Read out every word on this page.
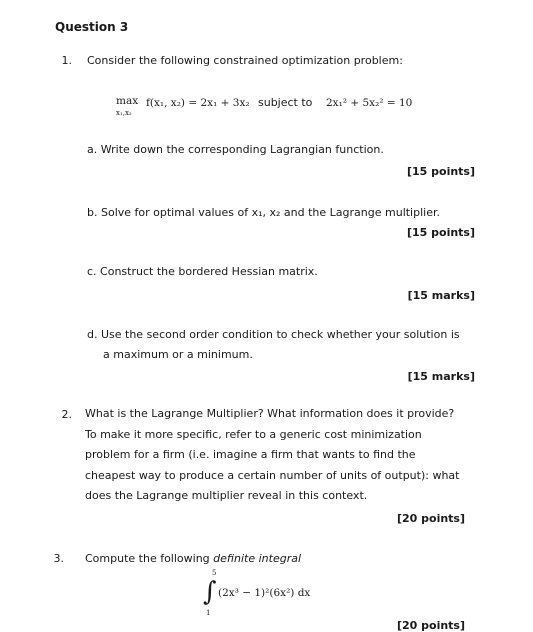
Question 3
1. Consider the following constrained optimization problem:
max
x₁,x₂
f(x₁, x₂) = 2x₁ + 3x₂ subject to 2x₁² + 5x₂² = 10
a. Write down the corresponding Lagrangian function.
[15 points]
b. Solve for optimal values of x₁, x₂ and the Lagrange multiplier.
[15 points]
c. Construct the bordered Hessian matrix.
[15 marks]
d. Use the second order condition to check whether your solution is
a maximum or a minimum.
[15 marks]
2. What is the Lagrange Multiplier? What information does it provide?
To make it more specific, refer to a generic cost minimization
problem for a firm (i.e. imagine a firm that wants to find the
cheapest way to produce a certain number of units of output): what
does the Lagrange multiplier reveal in this context.
[20 points]
3. Compute the following definite integral
5
∫
1
(2x³ − 1)²(6x²) dx
[20 points]
